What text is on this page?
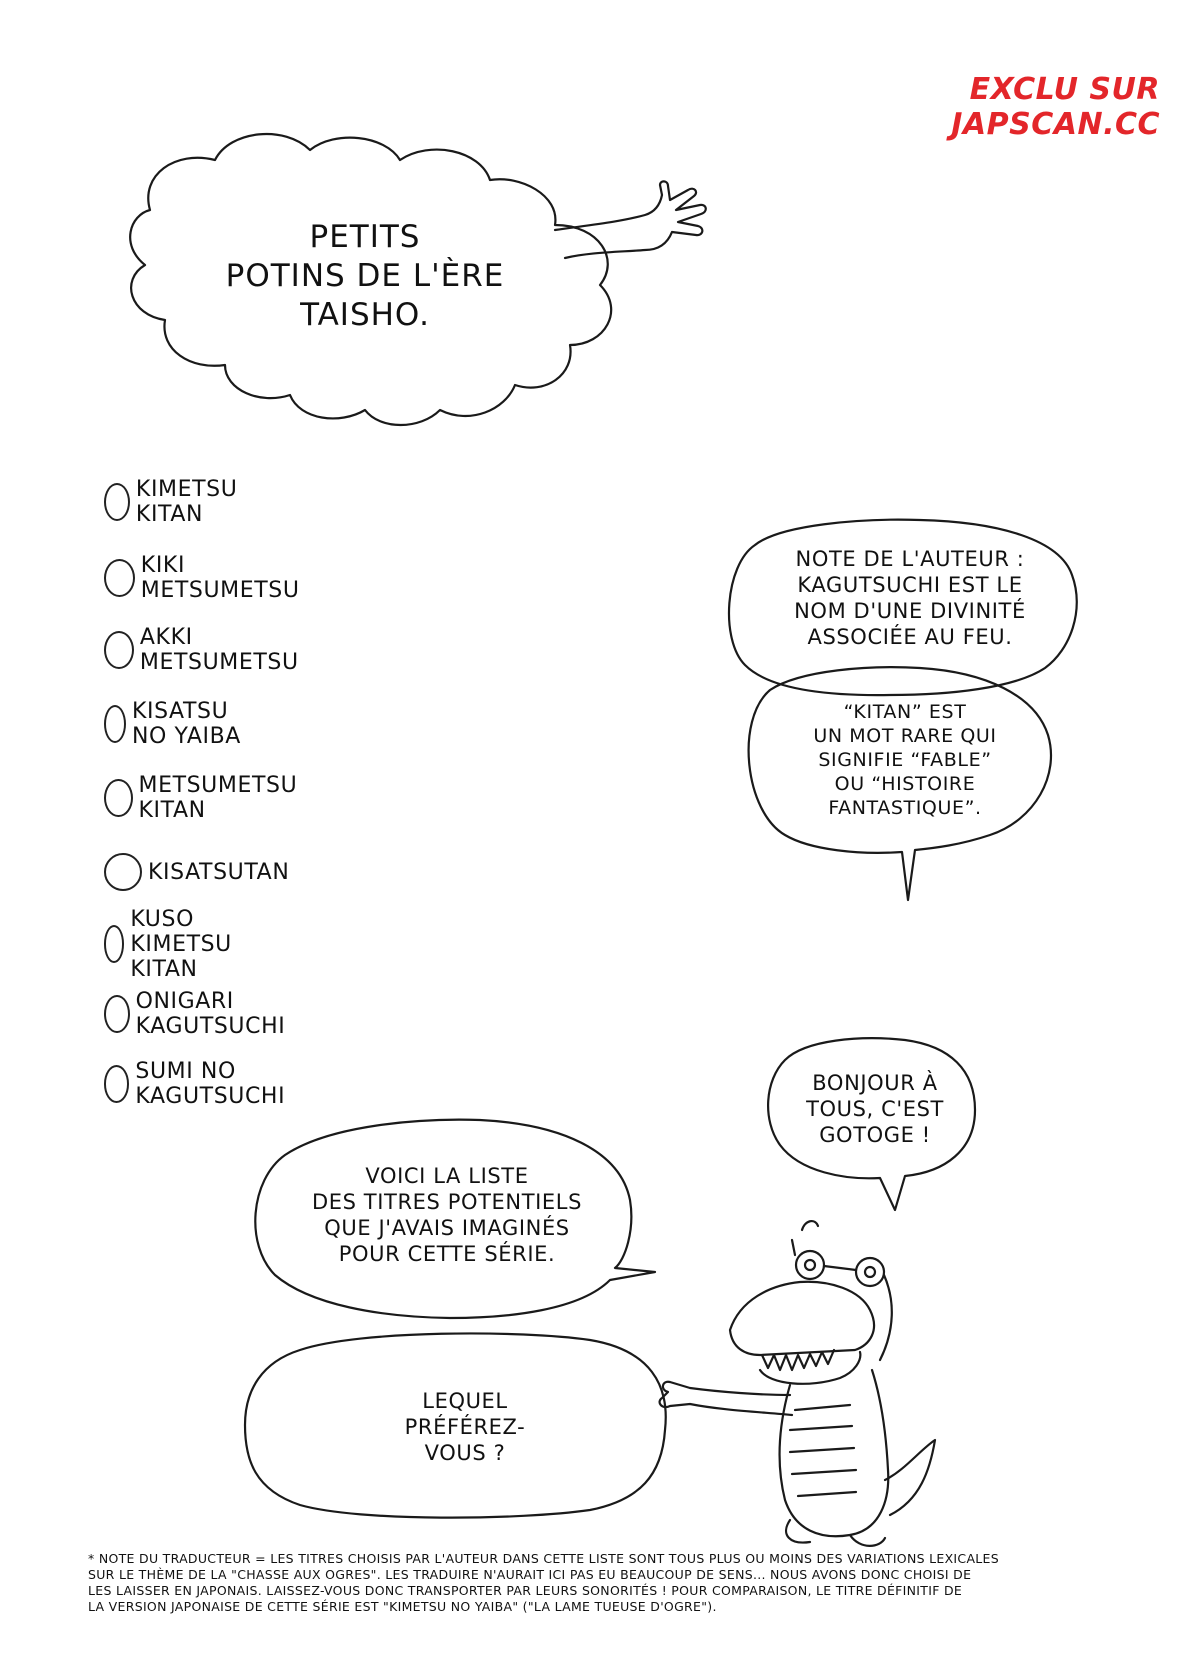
EXCLU SUR JAPSCAN.CC
PETITS
POTINS DE L'ÈRE
TAISHO.
KIMETSU KITAN
KIKI METSUMETSU
AKKI METSUMETSU
KISATSU NO YAIBA
METSUMETSU KITAN
KISATSUTAN
KUSO KIMETSU KITAN
ONIGARI KAGUTSUCHI
SUMI NO KAGUTSUCHI
NOTE DE L'AUTEUR :
KAGUTSUCHI EST LE
NOM D'UNE DIVINITÉ
ASSOCIÉE AU FEU.
“KITAN” EST
UN MOT RARE QUI
SIGNIFIE “FABLE”
OU “HISTOIRE
FANTASTIQUE”.
BONJOUR À
TOUS, C'EST
GOTOGE !
VOICI LA LISTE
DES TITRES POTENTIELS
QUE J'AVAIS IMAGINÉS
POUR CETTE SÉRIE.
LEQUEL
PRÉFÉREZ-
VOUS ?
* NOTE DU TRADUCTEUR = LES TITRES CHOISIS PAR L'AUTEUR DANS CETTE LISTE SONT TOUS PLUS OU MOINS DES VARIATIONS LEXICALES
SUR LE THÈME DE LA "CHASSE AUX OGRES". LES TRADUIRE N'AURAIT ICI PAS EU BEAUCOUP DE SENS... NOUS AVONS DONC CHOISI DE
LES LAISSER EN JAPONAIS. LAISSEZ-VOUS DONC TRANSPORTER PAR LEURS SONORITÉS ! POUR COMPARAISON, LE TITRE DÉFINITIF DE
LA VERSION JAPONAISE DE CETTE SÉRIE EST "KIMETSU NO YAIBA" ("LA LAME TUEUSE D'OGRE").
